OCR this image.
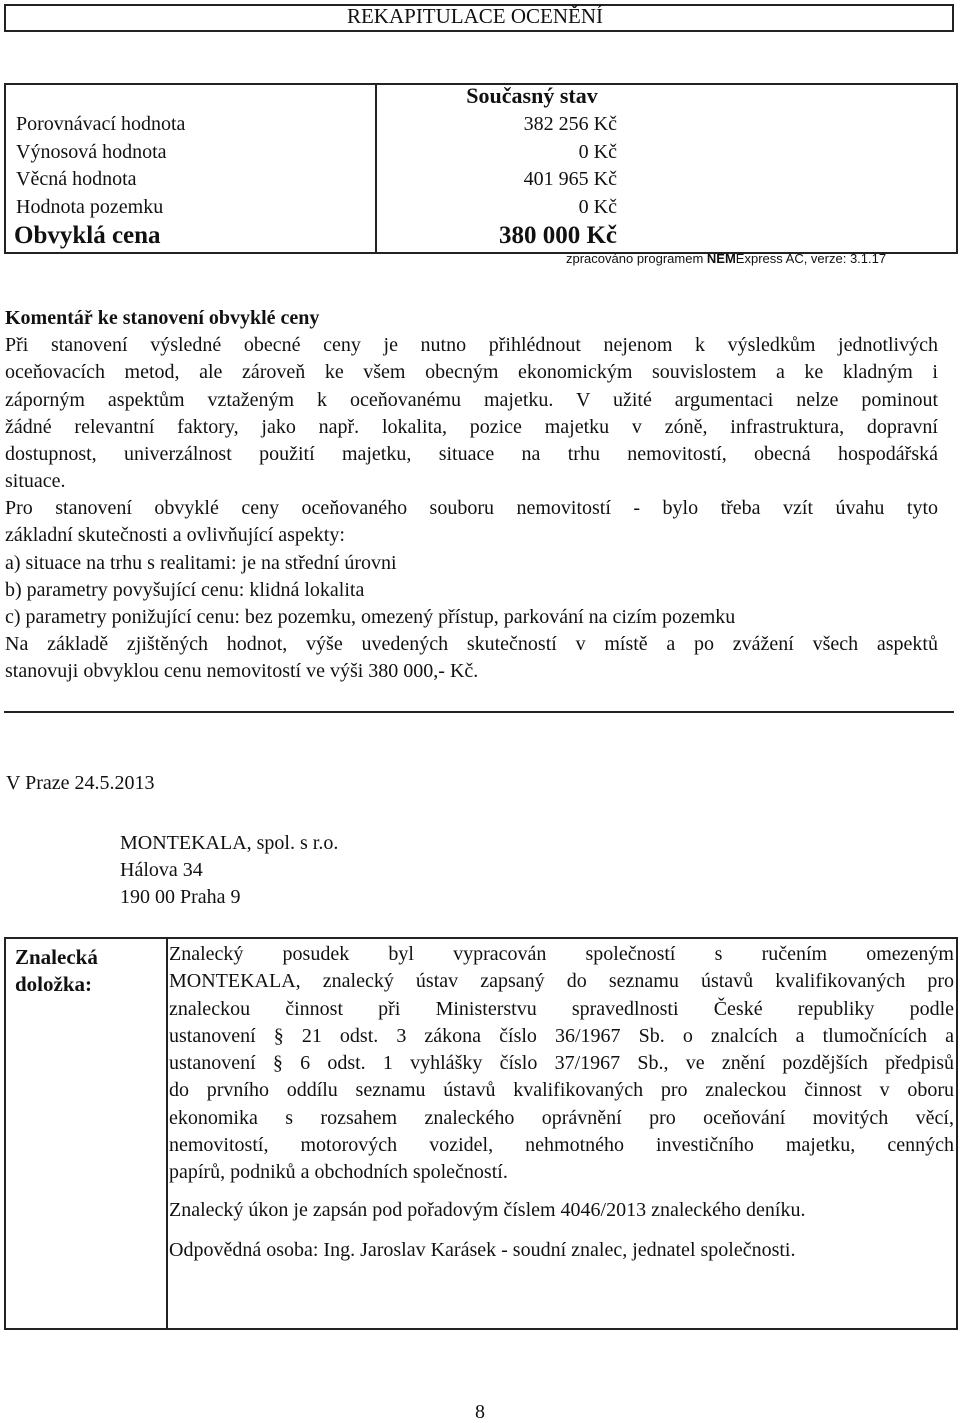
REKAPITULACE OCENĚNÍ
Současný stav
Porovnávací hodnota
Výnosová hodnota
Věcná hodnota
Hodnota pozemku
Obvyklá cena
382 256 Kč
0 Kč
401 965 Kč
0 Kč
380 000 Kč
zpracováno programem NEMExpress AC, verze: 3.1.17
Komentář ke stanovení obvyklé ceny
Při stanovení výsledné obecné ceny je nutno přihlédnout nejenom k výsledkům jednotlivých
oceňovacích metod, ale zároveň ke všem obecným ekonomickým souvislostem a ke kladným i
záporným aspektům vztaženým k oceňovanému majetku. V užité argumentaci nelze pominout
žádné relevantní faktory, jako např. lokalita, pozice majetku v zóně, infrastruktura, dopravní
dostupnost, univerzálnost použití majetku, situace na trhu nemovitostí, obecná hospodářská
situace.
Pro stanovení obvyklé ceny oceňovaného souboru nemovitostí - bylo třeba vzít úvahu tyto
základní skutečnosti a ovlivňující aspekty:
a) situace na trhu s realitami: je na střední úrovni
b) parametry povyšující cenu: klidná lokalita
c) parametry ponižující cenu: bez pozemku, omezený přístup, parkování na cizím pozemku
Na základě zjištěných hodnot, výše uvedených skutečností v místě a po zvážení všech aspektů
stanovuji obvyklou cenu nemovitostí ve výši 380 000,- Kč.
V Praze 24.5.2013
MONTEKALA, spol. s r.o.
Hálova 34
190 00 Praha 9
Znalecká
doložka:
Znalecký posudek byl vypracován společností s ručením omezeným
MONTEKALA, znalecký ústav zapsaný do seznamu ústavů kvalifikovaných pro
znaleckou činnost při Ministerstvu spravedlnosti České republiky podle
ustanovení § 21 odst. 3 zákona číslo 36/1967 Sb. o znalcích a tlumočnících a
ustanovení § 6 odst. 1 vyhlášky číslo 37/1967 Sb., ve znění pozdějších předpisů
do prvního oddílu seznamu ústavů kvalifikovaných pro znaleckou činnost v oboru
ekonomika s rozsahem znaleckého oprávnění pro oceňování movitých věcí,
nemovitostí, motorových vozidel, nehmotného investičního majetku, cenných
papírů, podniků a obchodních společností.
Znalecký úkon je zapsán pod pořadovým číslem 4046/2013 znaleckého deníku.
Odpovědná osoba: Ing. Jaroslav Karásek - soudní znalec, jednatel společnosti.
8
